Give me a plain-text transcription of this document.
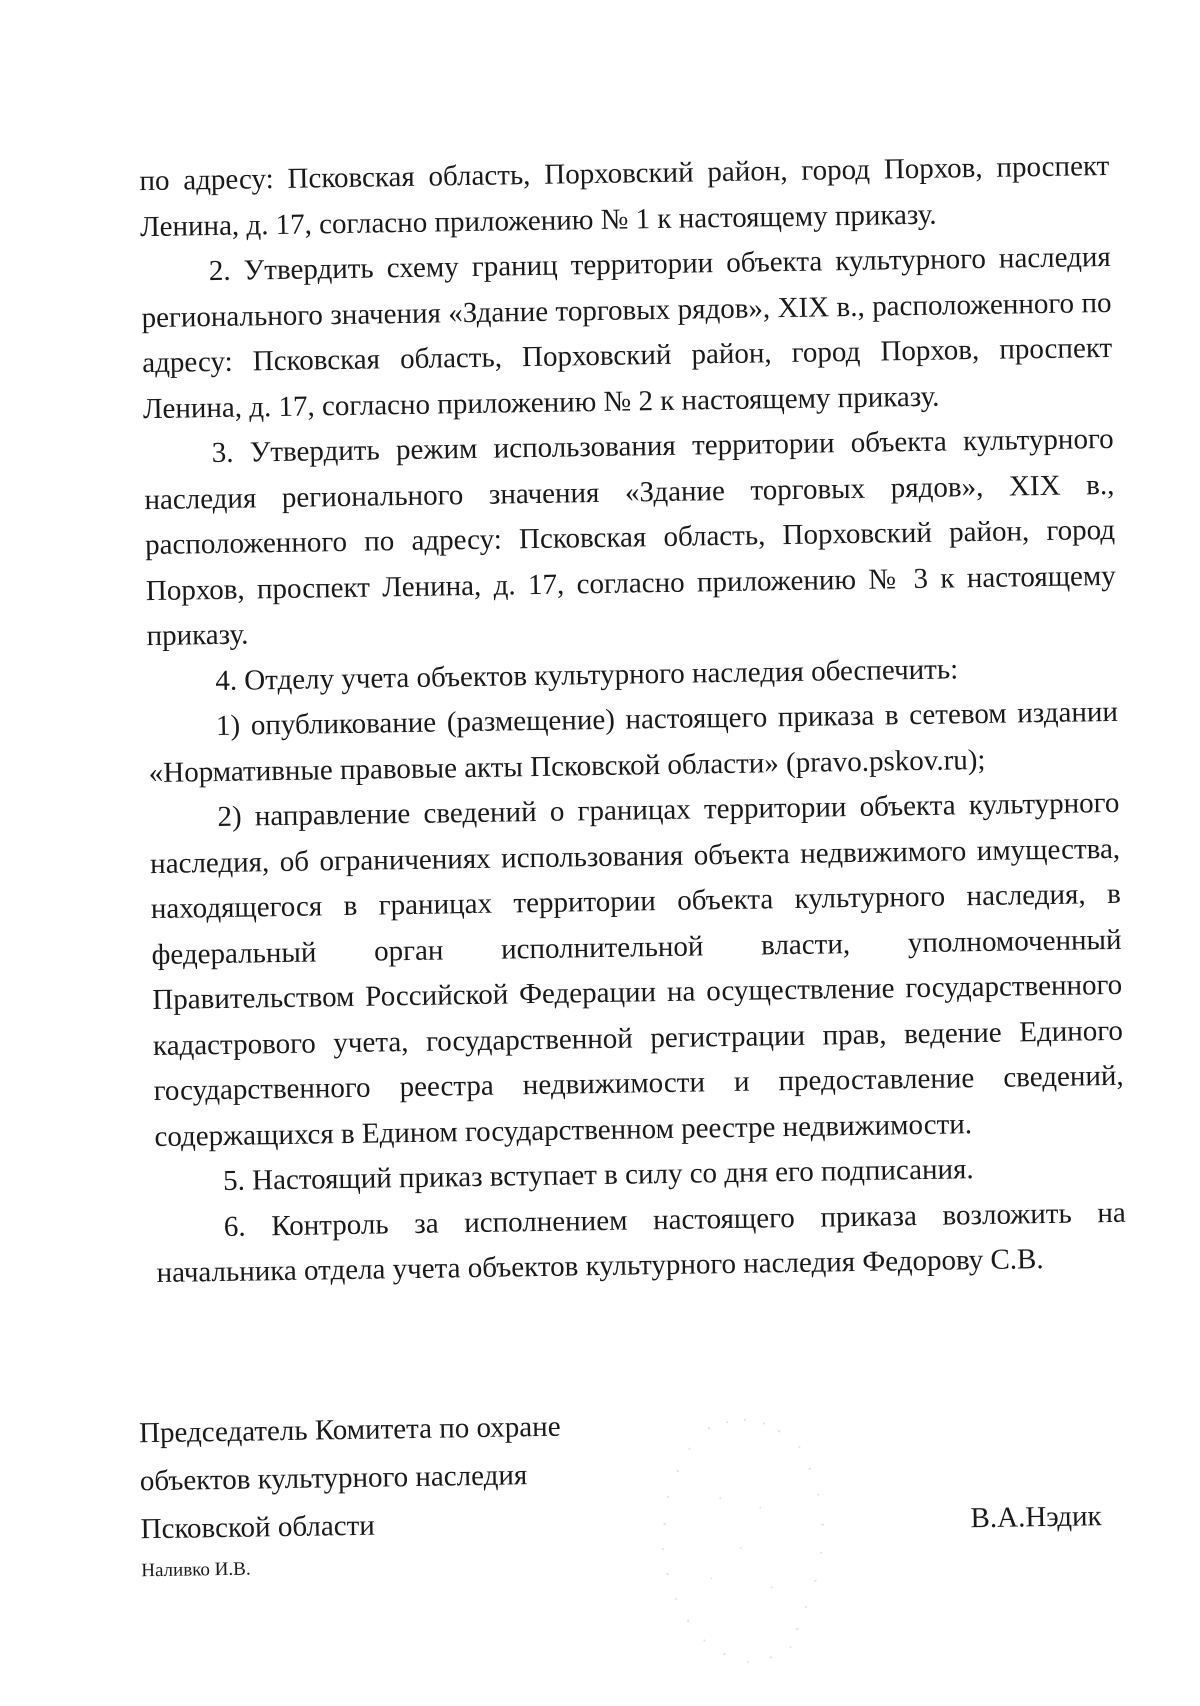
по адресу: Псковская область, Порховский район, город Порхов, проспект Ленина, д. 17, согласно приложению № 1 к настоящему приказу.

2. Утвердить схему границ территории объекта культурного наследия регионального значения «Здание торговых рядов», XIX в., расположенного по адресу: Псковская область, Порховский район, город Порхов, проспект Ленина, д. 17, согласно приложению № 2 к настоящему приказу.

3. Утвердить режим использования территории объекта культурного наследия регионального значения «Здание торговых рядов», XIX в., расположенного по адресу: Псковская область, Порховский район, город Порхов, проспект Ленина, д. 17, согласно приложению № 3 к настоящему приказу.

4. Отделу учета объектов культурного наследия обеспечить:

1) опубликование (размещение) настоящего приказа в сетевом издании «Нормативные правовые акты Псковской области» (pravo.pskov.ru);

2) направление сведений о границах территории объекта культурного наследия, об ограничениях использования объекта недвижимого имущества, находящегося в границах территории объекта культурного наследия, в федеральный орган исполнительной власти, уполномоченный Правительством Российской Федерации на осуществление государственного кадастрового учета, государственной регистрации прав, ведение Единого государственного реестра недвижимости и предоставление сведений, содержащихся в Едином государственном реестре недвижимости.

5. Настоящий приказ вступает в силу со дня его подписания.

6. Контроль за исполнением настоящего приказа возложить на начальника отдела учета объектов культурного наследия Федорову С.В.

Председатель Комитета по охране
объектов культурного наследия
Псковской области	В.А.Нэдик
Наливко И.В.
